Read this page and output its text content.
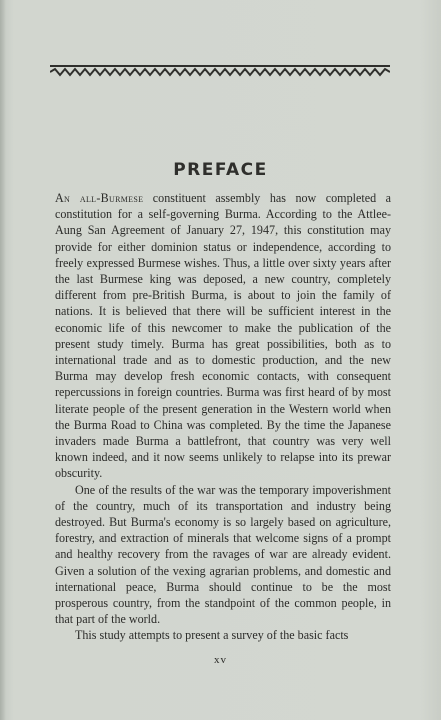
PREFACE

An all-Burmese constituent assembly has now completed a constitution for a self-governing Burma. According to the Attlee-Aung San Agreement of January 27, 1947, this constitution may provide for either dominion status or independence, according to freely expressed Burmese wishes. Thus, a little over sixty years after the last Burmese king was deposed, a new country, completely different from pre-British Burma, is about to join the family of nations. It is believed that there will be sufficient interest in the economic life of this newcomer to make the publication of the present study timely. Burma has great possibilities, both as to international trade and as to domestic production, and the new Burma may develop fresh economic contacts, with consequent repercussions in foreign countries. Burma was first heard of by most literate people of the present generation in the Western world when the Burma Road to China was completed. By the time the Japanese invaders made Burma a battlefront, that country was very well known indeed, and it now seems unlikely to relapse into its prewar obscurity.

One of the results of the war was the temporary impoverishment of the country, much of its transportation and industry being destroyed. But Burma's economy is so largely based on agriculture, forestry, and extraction of minerals that welcome signs of a prompt and healthy recovery from the ravages of war are already evident. Given a solution of the vexing agrarian problems, and domestic and international peace, Burma should continue to be the most prosperous country, from the standpoint of the common people, in that part of the world.

This study attempts to present a survey of the basic facts

xv
